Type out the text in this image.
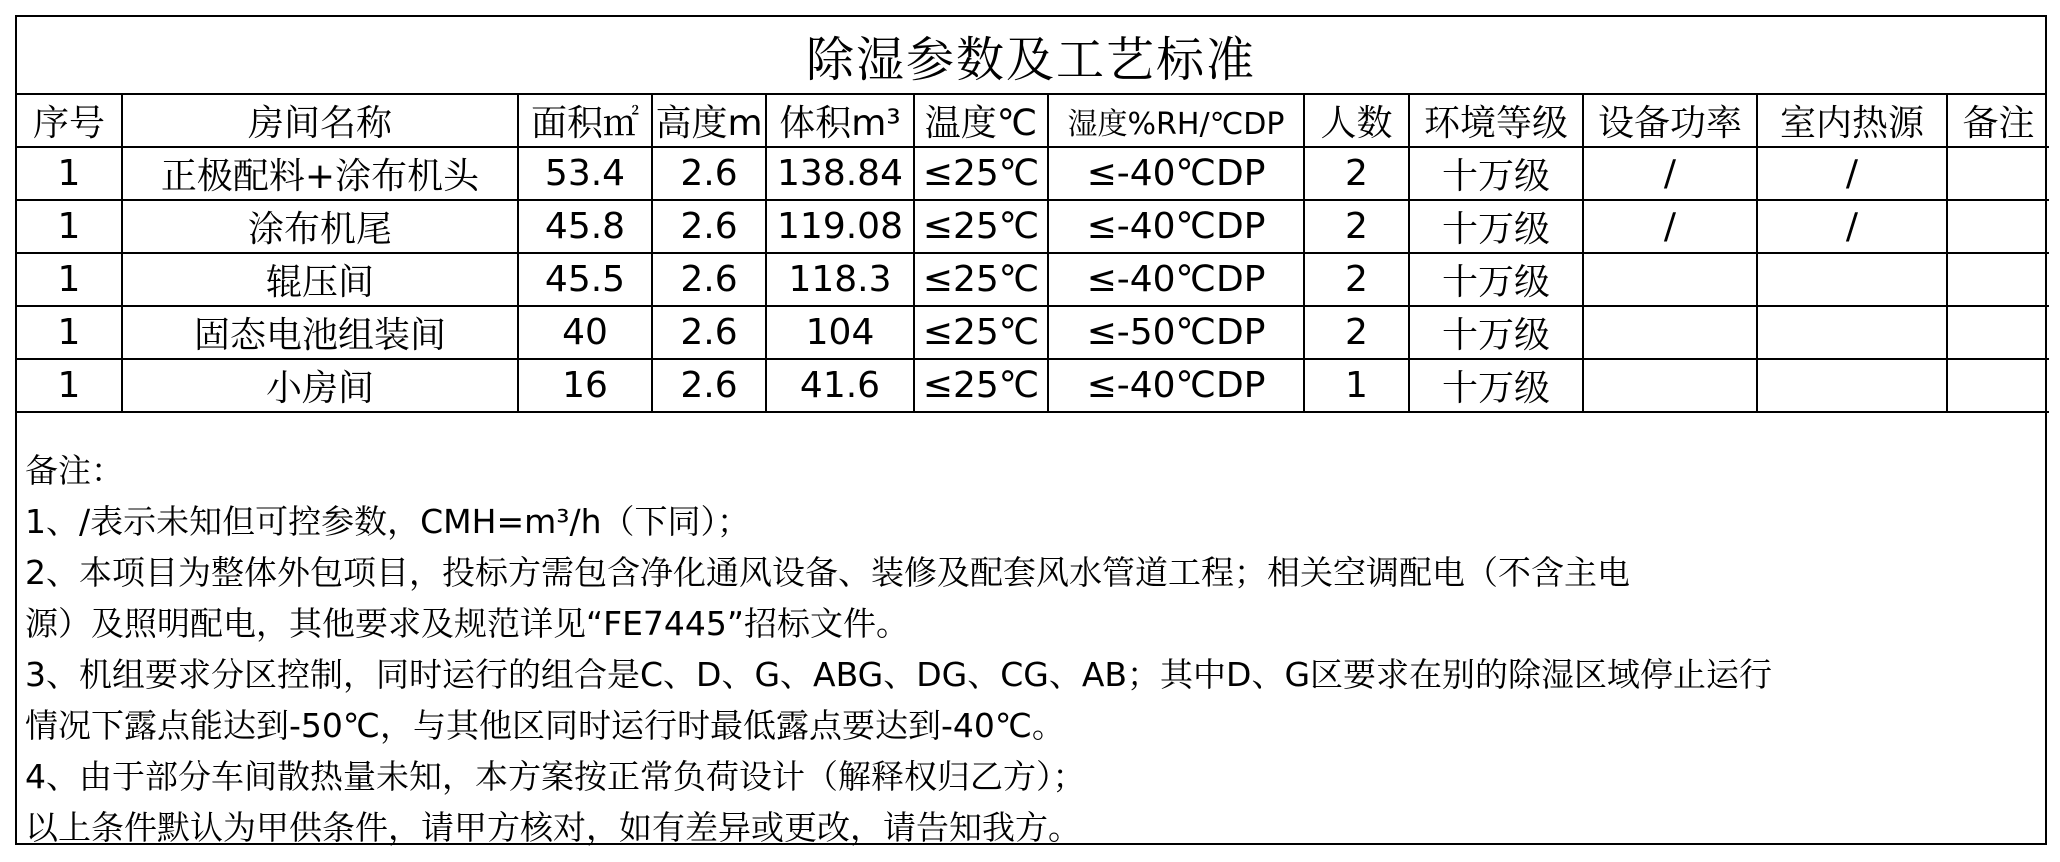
除湿参数及工艺标准
序号	房间名称	面积㎡	高度m	体积m³	温度℃	湿度%RH/℃DP	人数	环境等级	设备功率	室内热源	备注
1	正极配料+涂布机头	53.4	2.6	138.84	≤25℃	≤-40℃DP	2	十万级	/	/	
1	涂布机尾	45.8	2.6	119.08	≤25℃	≤-40℃DP	2	十万级	/	/	
1	辊压间	45.5	2.6	118.3	≤25℃	≤-40℃DP	2	十万级			
1	固态电池组装间	40	2.6	104	≤25℃	≤-50℃DP	2	十万级			
1	小房间	16	2.6	41.6	≤25℃	≤-40℃DP	1	十万级			
备注：
1、/表示未知但可控参数，CMH=m³/h（下同）；
2、本项目为整体外包项目，投标方需包含净化通风设备、装修及配套风水管道工程；相关空调配电（不含主电
源）及照明配电，其他要求及规范详见“FE7445”招标文件。
3、机组要求分区控制，同时运行的组合是C、D、G、ABG、DG、CG、AB；其中D、G区要求在别的除湿区域停止运行
情况下露点能达到-50℃，与其他区同时运行时最低露点要达到-40℃。
4、由于部分车间散热量未知，本方案按正常负荷设计（解释权归乙方）；
以上条件默认为甲供条件，请甲方核对，如有差异或更改，请告知我方。
